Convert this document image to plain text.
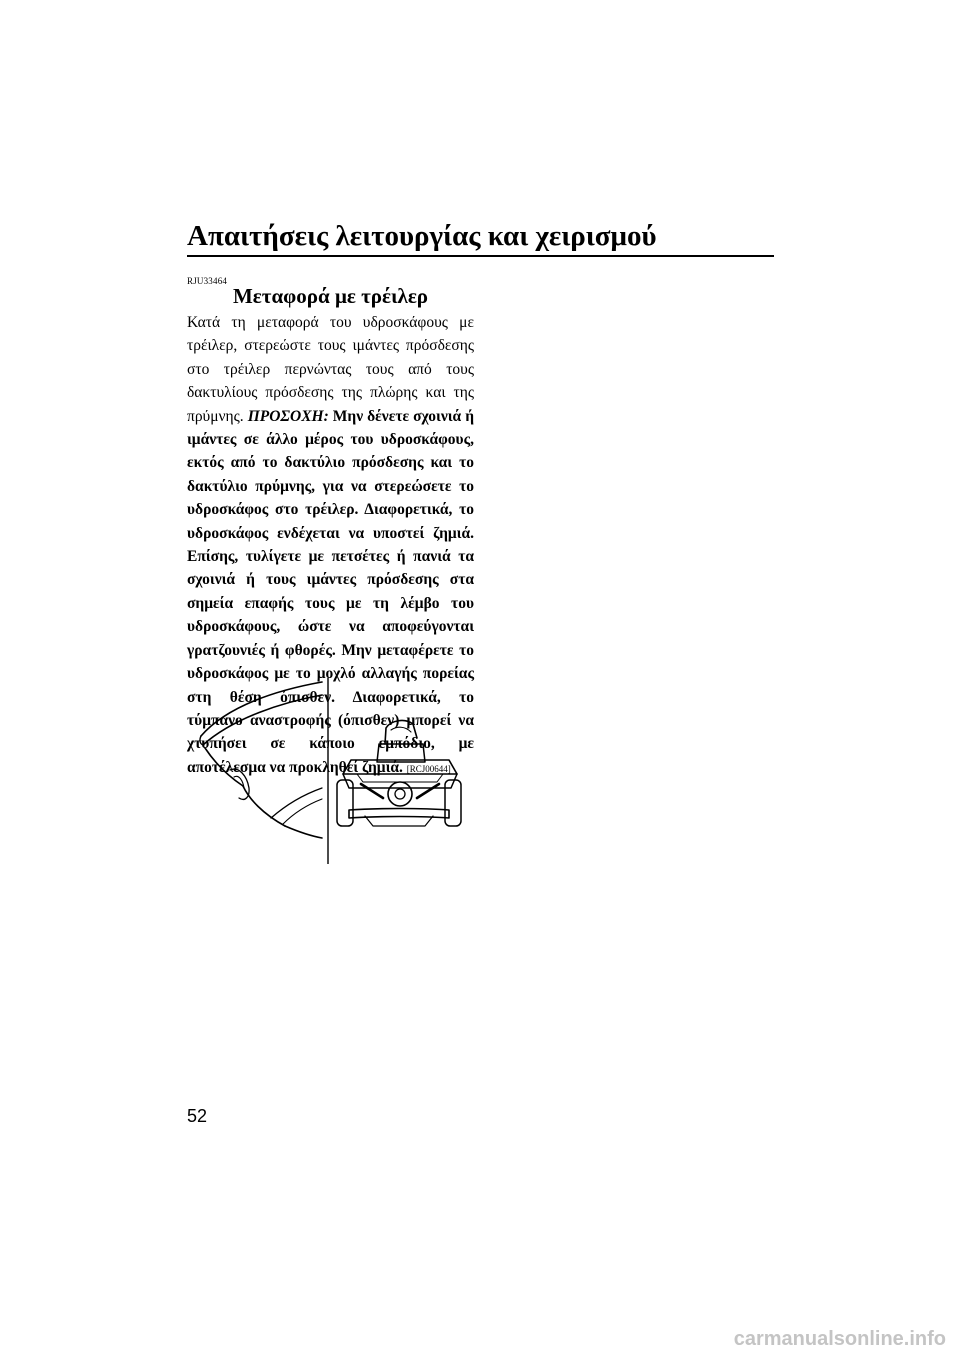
Απαιτήσεις λειτουργίας και χειρισμού
RJU33464
Μεταφορά με τρέιλερ
Κατά τη μεταφορά του υδροσκάφους με τρέιλερ, στερεώστε τους ιμάντες πρόσδεσης στο τρέιλερ περνώντας τους από τους δακτυλίους πρόσδεσης της πλώρης και της πρύμνης. ΠΡΟΣΟΧΗ: Μην δένετε σχοινιά ή ιμάντες σε άλλο μέρος του υδροσκάφους, εκτός από το δακτύλιο πρόσδεσης και το δακτύλιο πρύμνης, για να στερεώσετε το υδροσκάφος στο τρέιλερ. Διαφορετικά, το υδροσκάφος ενδέχεται να υποστεί ζημιά. Επίσης, τυλίγετε με πετσέτες ή πανιά τα σχοινιά ή τους ιμάντες πρόσδεσης στα σημεία επαφής τους με τη λέμβο του υδροσκάφους, ώστε να αποφεύγονται γρατζουνιές ή φθορές. Μην μεταφέρετε το υδροσκάφος με το μοχλό αλλαγής πορείας στη θέση όπισθεν. Διαφορετικά, το τύμπανο αναστροφής (όπισθεν) μπορεί να χτυπήσει σε κάποιο εμπόδιο, με αποτέλεσμα να προκληθεί ζημιά. [RCJ00644]
52
carmanualsonline.info
